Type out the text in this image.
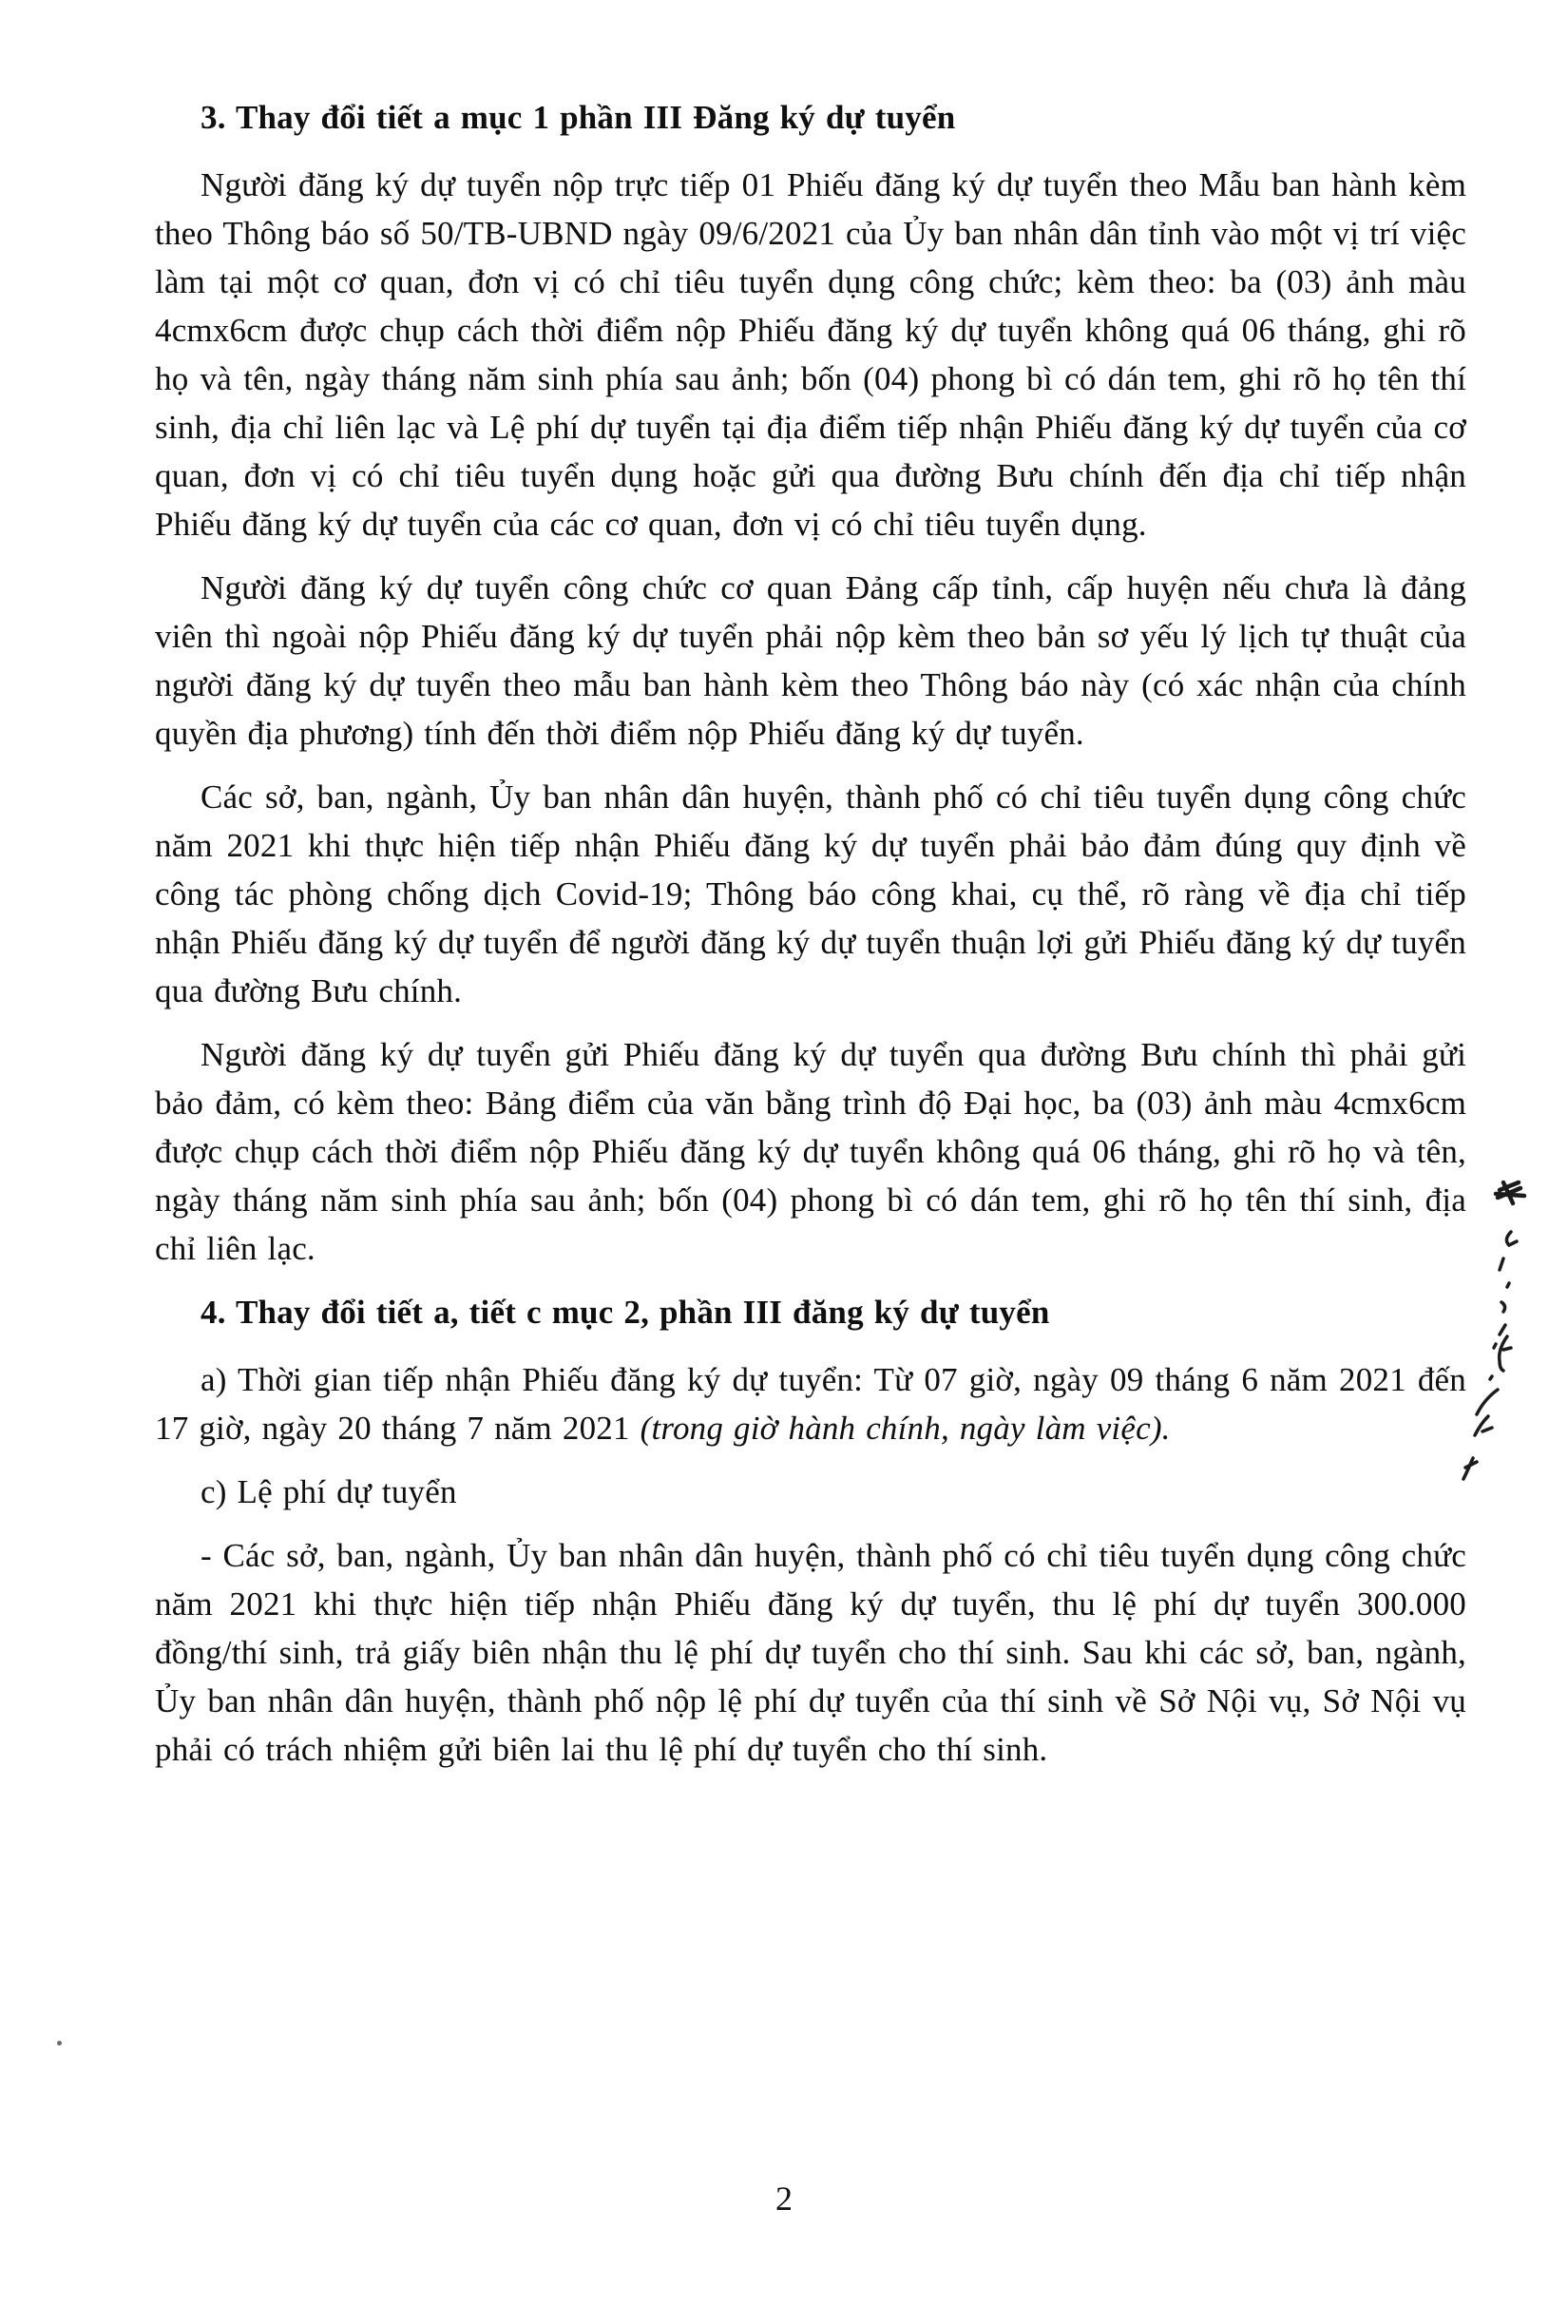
3. Thay đổi tiết a mục 1 phần III Đăng ký dự tuyển

Người đăng ký dự tuyển nộp trực tiếp 01 Phiếu đăng ký dự tuyển theo Mẫu ban hành kèm theo Thông báo số 50/TB-UBND ngày 09/6/2021 của Ủy ban nhân dân tỉnh vào một vị trí việc làm tại một cơ quan, đơn vị có chỉ tiêu tuyển dụng công chức; kèm theo: ba (03) ảnh màu 4cmx6cm được chụp cách thời điểm nộp Phiếu đăng ký dự tuyển không quá 06 tháng, ghi rõ họ và tên, ngày tháng năm sinh phía sau ảnh; bốn (04) phong bì có dán tem, ghi rõ họ tên thí sinh, địa chỉ liên lạc và Lệ phí dự tuyển tại địa điểm tiếp nhận Phiếu đăng ký dự tuyển của cơ quan, đơn vị có chỉ tiêu tuyển dụng hoặc gửi qua đường Bưu chính đến địa chỉ tiếp nhận Phiếu đăng ký dự tuyển của các cơ quan, đơn vị có chỉ tiêu tuyển dụng.

Người đăng ký dự tuyển công chức cơ quan Đảng cấp tỉnh, cấp huyện nếu chưa là đảng viên thì ngoài nộp Phiếu đăng ký dự tuyển phải nộp kèm theo bản sơ yếu lý lịch tự thuật của người đăng ký dự tuyển theo mẫu ban hành kèm theo Thông báo này (có xác nhận của chính quyền địa phương) tính đến thời điểm nộp Phiếu đăng ký dự tuyển.

Các sở, ban, ngành, Ủy ban nhân dân huyện, thành phố có chỉ tiêu tuyển dụng công chức năm 2021 khi thực hiện tiếp nhận Phiếu đăng ký dự tuyển phải bảo đảm đúng quy định về công tác phòng chống dịch Covid-19; Thông báo công khai, cụ thể, rõ ràng về địa chỉ tiếp nhận Phiếu đăng ký dự tuyển để người đăng ký dự tuyển thuận lợi gửi Phiếu đăng ký dự tuyển qua đường Bưu chính.

Người đăng ký dự tuyển gửi Phiếu đăng ký dự tuyển qua đường Bưu chính thì phải gửi bảo đảm, có kèm theo: Bảng điểm của văn bằng trình độ Đại học, ba (03) ảnh màu 4cmx6cm được chụp cách thời điểm nộp Phiếu đăng ký dự tuyển không quá 06 tháng, ghi rõ họ và tên, ngày tháng năm sinh phía sau ảnh; bốn (04) phong bì có dán tem, ghi rõ họ tên thí sinh, địa chỉ liên lạc.

4. Thay đổi tiết a, tiết c mục 2, phần III đăng ký dự tuyển

a) Thời gian tiếp nhận Phiếu đăng ký dự tuyển: Từ 07 giờ, ngày 09 tháng 6 năm 2021 đến 17 giờ, ngày 20 tháng 7 năm 2021 (trong giờ hành chính, ngày làm việc).

c) Lệ phí dự tuyển

- Các sở, ban, ngành, Ủy ban nhân dân huyện, thành phố có chỉ tiêu tuyển dụng công chức năm 2021 khi thực hiện tiếp nhận Phiếu đăng ký dự tuyển, thu lệ phí dự tuyển 300.000 đồng/thí sinh, trả giấy biên nhận thu lệ phí dự tuyển cho thí sinh. Sau khi các sở, ban, ngành, Ủy ban nhân dân huyện, thành phố nộp lệ phí dự tuyển của thí sinh về Sở Nội vụ, Sở Nội vụ phải có trách nhiệm gửi biên lai thu lệ phí dự tuyển cho thí sinh.

2
